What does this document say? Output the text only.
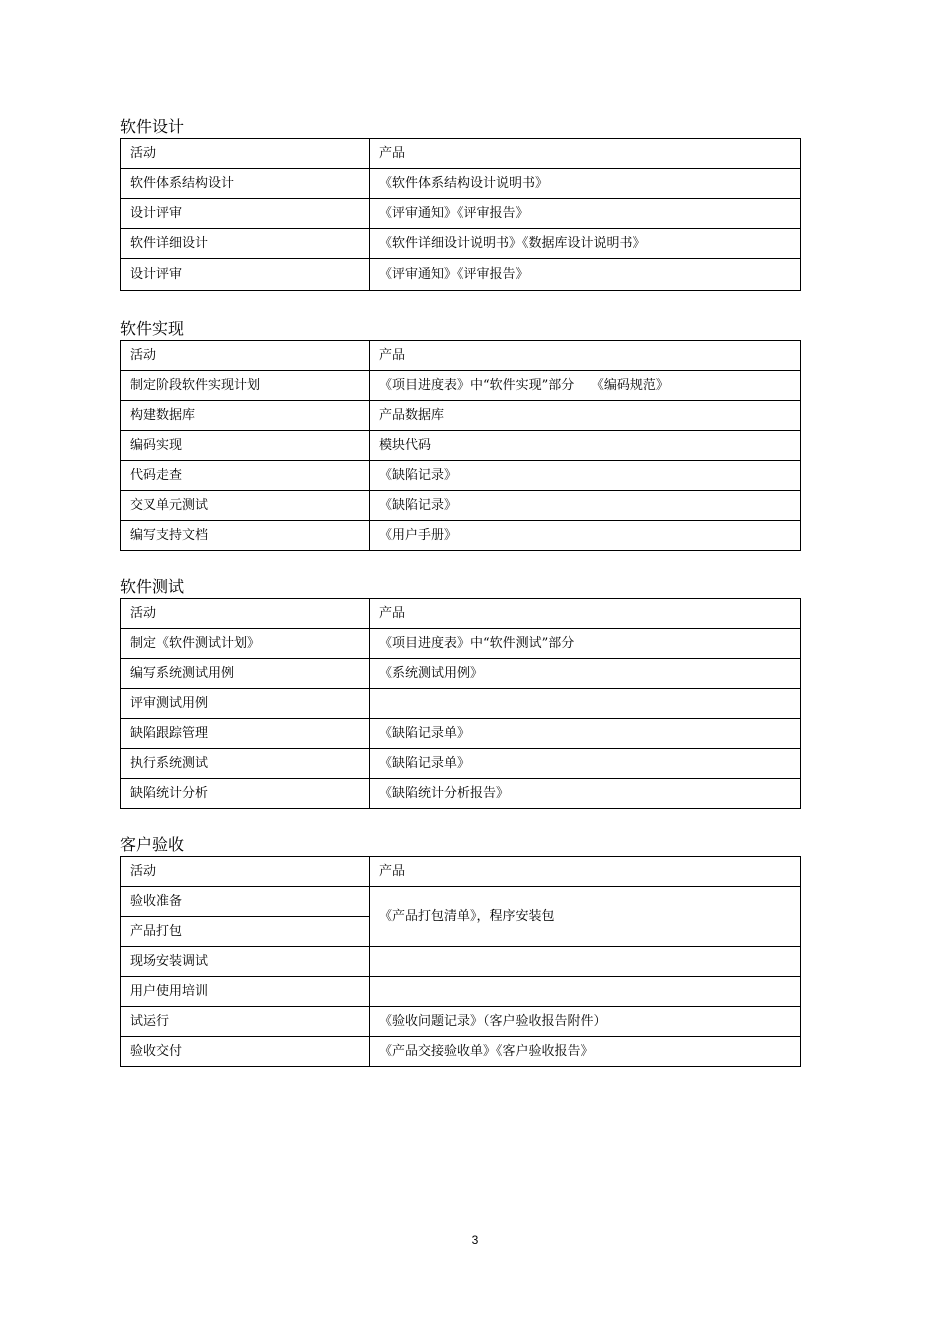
软件设计
活动	产品
软件体系结构设计	《软件体系结构设计说明书》
设计评审	《评审通知》《评审报告》
软件详细设计	《软件详细设计说明书》《数据库设计说明书》
设计评审	《评审通知》《评审报告》
软件实现
活动	产品
制定阶段软件实现计划	《项目进度表》中“软件实现”部分    《编码规范》
构建数据库	产品数据库
编码实现	模块代码
代码走查	《缺陷记录》
交叉单元测试	《缺陷记录》
编写支持文档	《用户手册》
软件测试
活动	产品
制定《软件测试计划》	《项目进度表》中“软件测试”部分
编写系统测试用例	《系统测试用例》
评审测试用例	
缺陷跟踪管理	《缺陷记录单》
执行系统测试	《缺陷记录单》
缺陷统计分析	《缺陷统计分析报告》
客户验收
活动	产品
验收准备	《产品打包清单》，程序安装包
产品打包	
现场安装调试	
用户使用培训	
试运行	《验收问题记录》（客户验收报告附件）
验收交付	《产品交接验收单》《客户验收报告》
3
